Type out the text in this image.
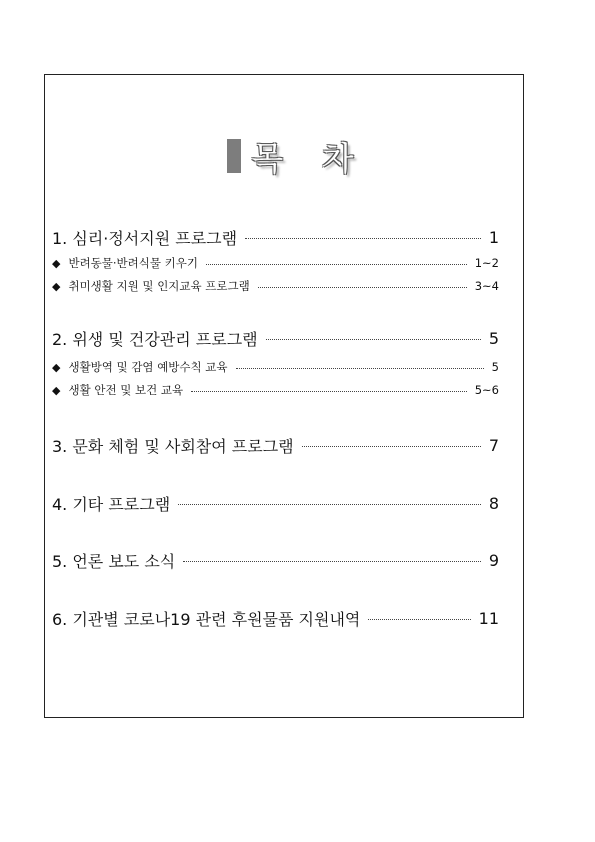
목 차
1. 심리·정서지원 프로그램	1
◆ 반려동물·반려식물 키우기	1~2
◆ 취미생활 지원 및 인지교육 프로그램	3~4
2. 위생 및 건강관리 프로그램	5
◆ 생활방역 및 감염 예방수칙 교육	5
◆ 생활 안전 및 보건 교육	5~6
3. 문화 체험 및 사회참여 프로그램	7
4. 기타 프로그램	8
5. 언론 보도 소식	9
6. 기관별 코로나19 관련 후원물품 지원내역	11
